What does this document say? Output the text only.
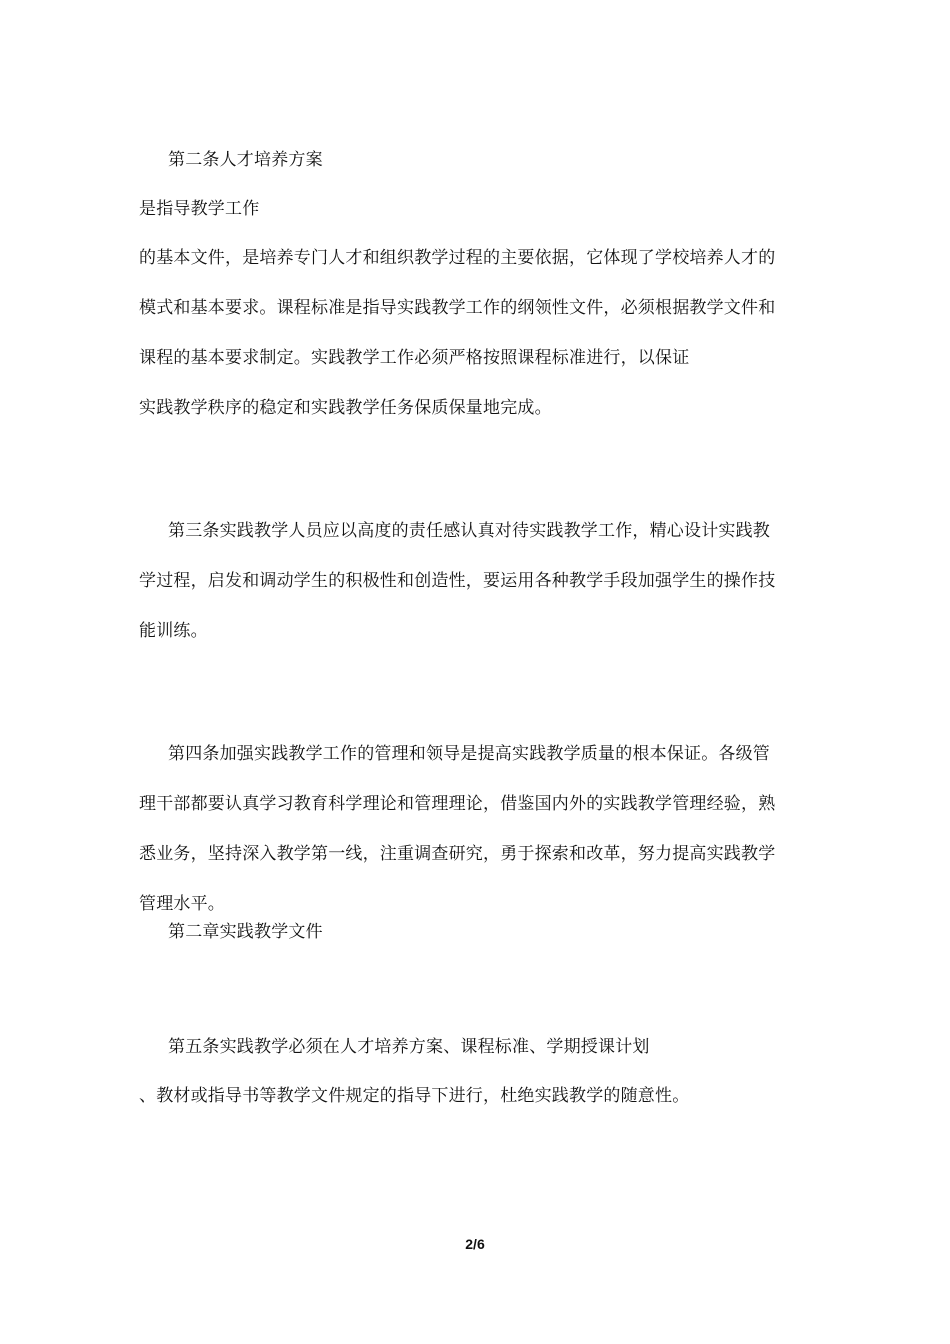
第二条人才培养方案
是指导教学工作
的基本文件，是培养专门人才和组织教学过程的主要依据，它体现了学校培养人才的
模式和基本要求。课程标准是指导实践教学工作的纲领性文件，必须根据教学文件和
课程的基本要求制定。实践教学工作必须严格按照课程标准进行，以保证
实践教学秩序的稳定和实践教学任务保质保量地完成。
第三条实践教学人员应以高度的责任感认真对待实践教学工作，精心设计实践教
学过程，启发和调动学生的积极性和创造性，要运用各种教学手段加强学生的操作技
能训练。
第四条加强实践教学工作的管理和领导是提高实践教学质量的根本保证。各级管
理干部都要认真学习教育科学理论和管理理论，借鉴国内外的实践教学管理经验，熟
悉业务，坚持深入教学第一线，注重调查研究，勇于探索和改革，努力提高实践教学
管理水平。
第二章实践教学文件
第五条实践教学必须在人才培养方案、课程标准、学期授课计划
、教材或指导书等教学文件规定的指导下进行，杜绝实践教学的随意性。
2/6
